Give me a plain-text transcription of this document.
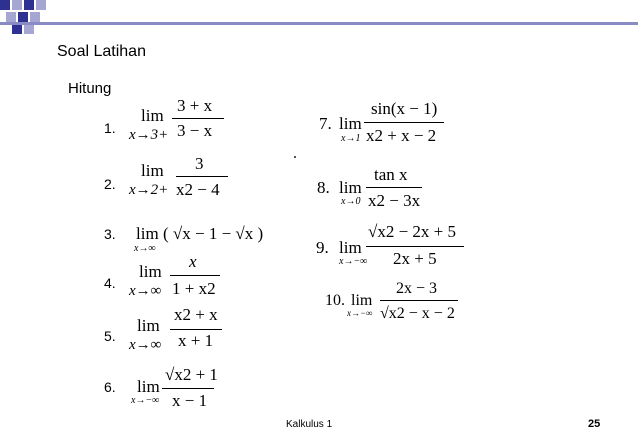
Soal Latihan
Hitung
1.
lim
x→3+
3 + x
3 − x
2.
lim
x→2+
3
x2 − 4
3. lim
x→∞
( √x − 1 − √x )
4.
lim
x→∞
x
1 + x2
5.
lim
x→∞
x2 + x
x + 1
6. lim
x→−∞
√x2 + 1
x − 1
7. lim
x→1
sin(x − 1)
x2 + x − 2
8. lim
x→0
tan x
x2 − 3x
9. lim
x→−∞
√x2 − 2x + 5
2x + 5
10. lim
x→−∞
2x − 3
√x2 − x − 2
Kalkulus 1	25
